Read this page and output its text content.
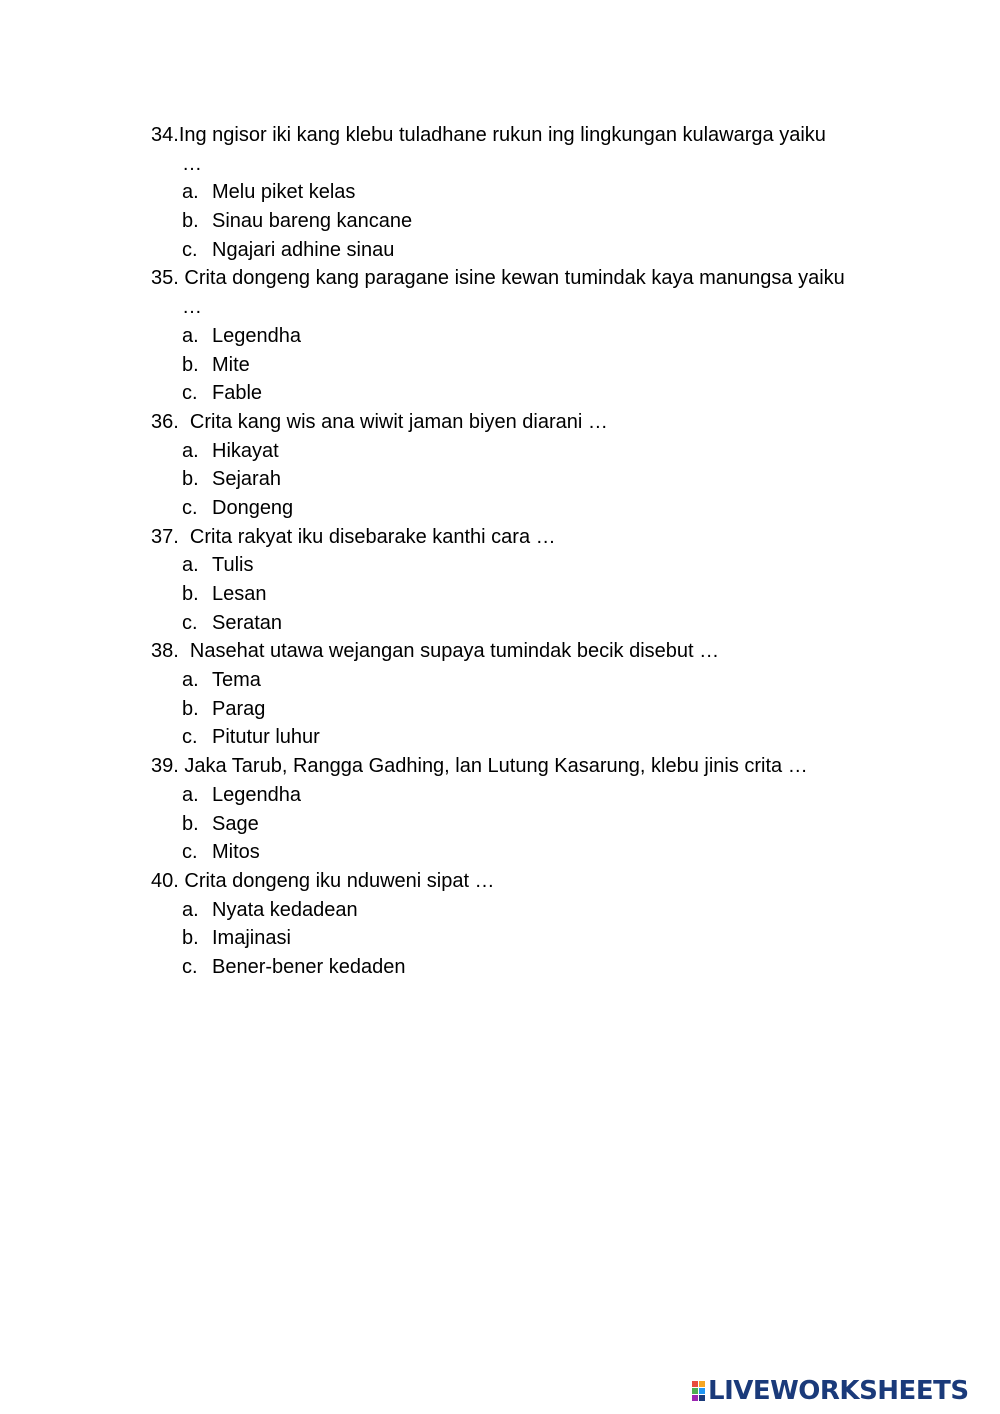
34.Ing ngisor iki kang klebu tuladhane rukun ing lingkungan kulawarga yaiku
…
a. Melu piket kelas
b. Sinau bareng kancane
c. Ngajari adhine sinau
35. Crita dongeng kang paragane isine kewan tumindak kaya manungsa yaiku
…
a. Legendha
b. Mite
c. Fable
36.  Crita kang wis ana wiwit jaman biyen diarani …
a. Hikayat
b. Sejarah
c. Dongeng
37.  Crita rakyat iku disebarake kanthi cara …
a. Tulis
b. Lesan
c. Seratan
38.  Nasehat utawa wejangan supaya tumindak becik disebut …
a. Tema
b. Parag
c. Pitutur luhur
39. Jaka Tarub, Rangga Gadhing, lan Lutung Kasarung, klebu jinis crita …
a. Legendha
b. Sage
c. Mitos
40. Crita dongeng iku nduweni sipat …
a. Nyata kedadean
b. Imajinasi
c. Bener-bener kedaden
LIVEWORKSHEETS
